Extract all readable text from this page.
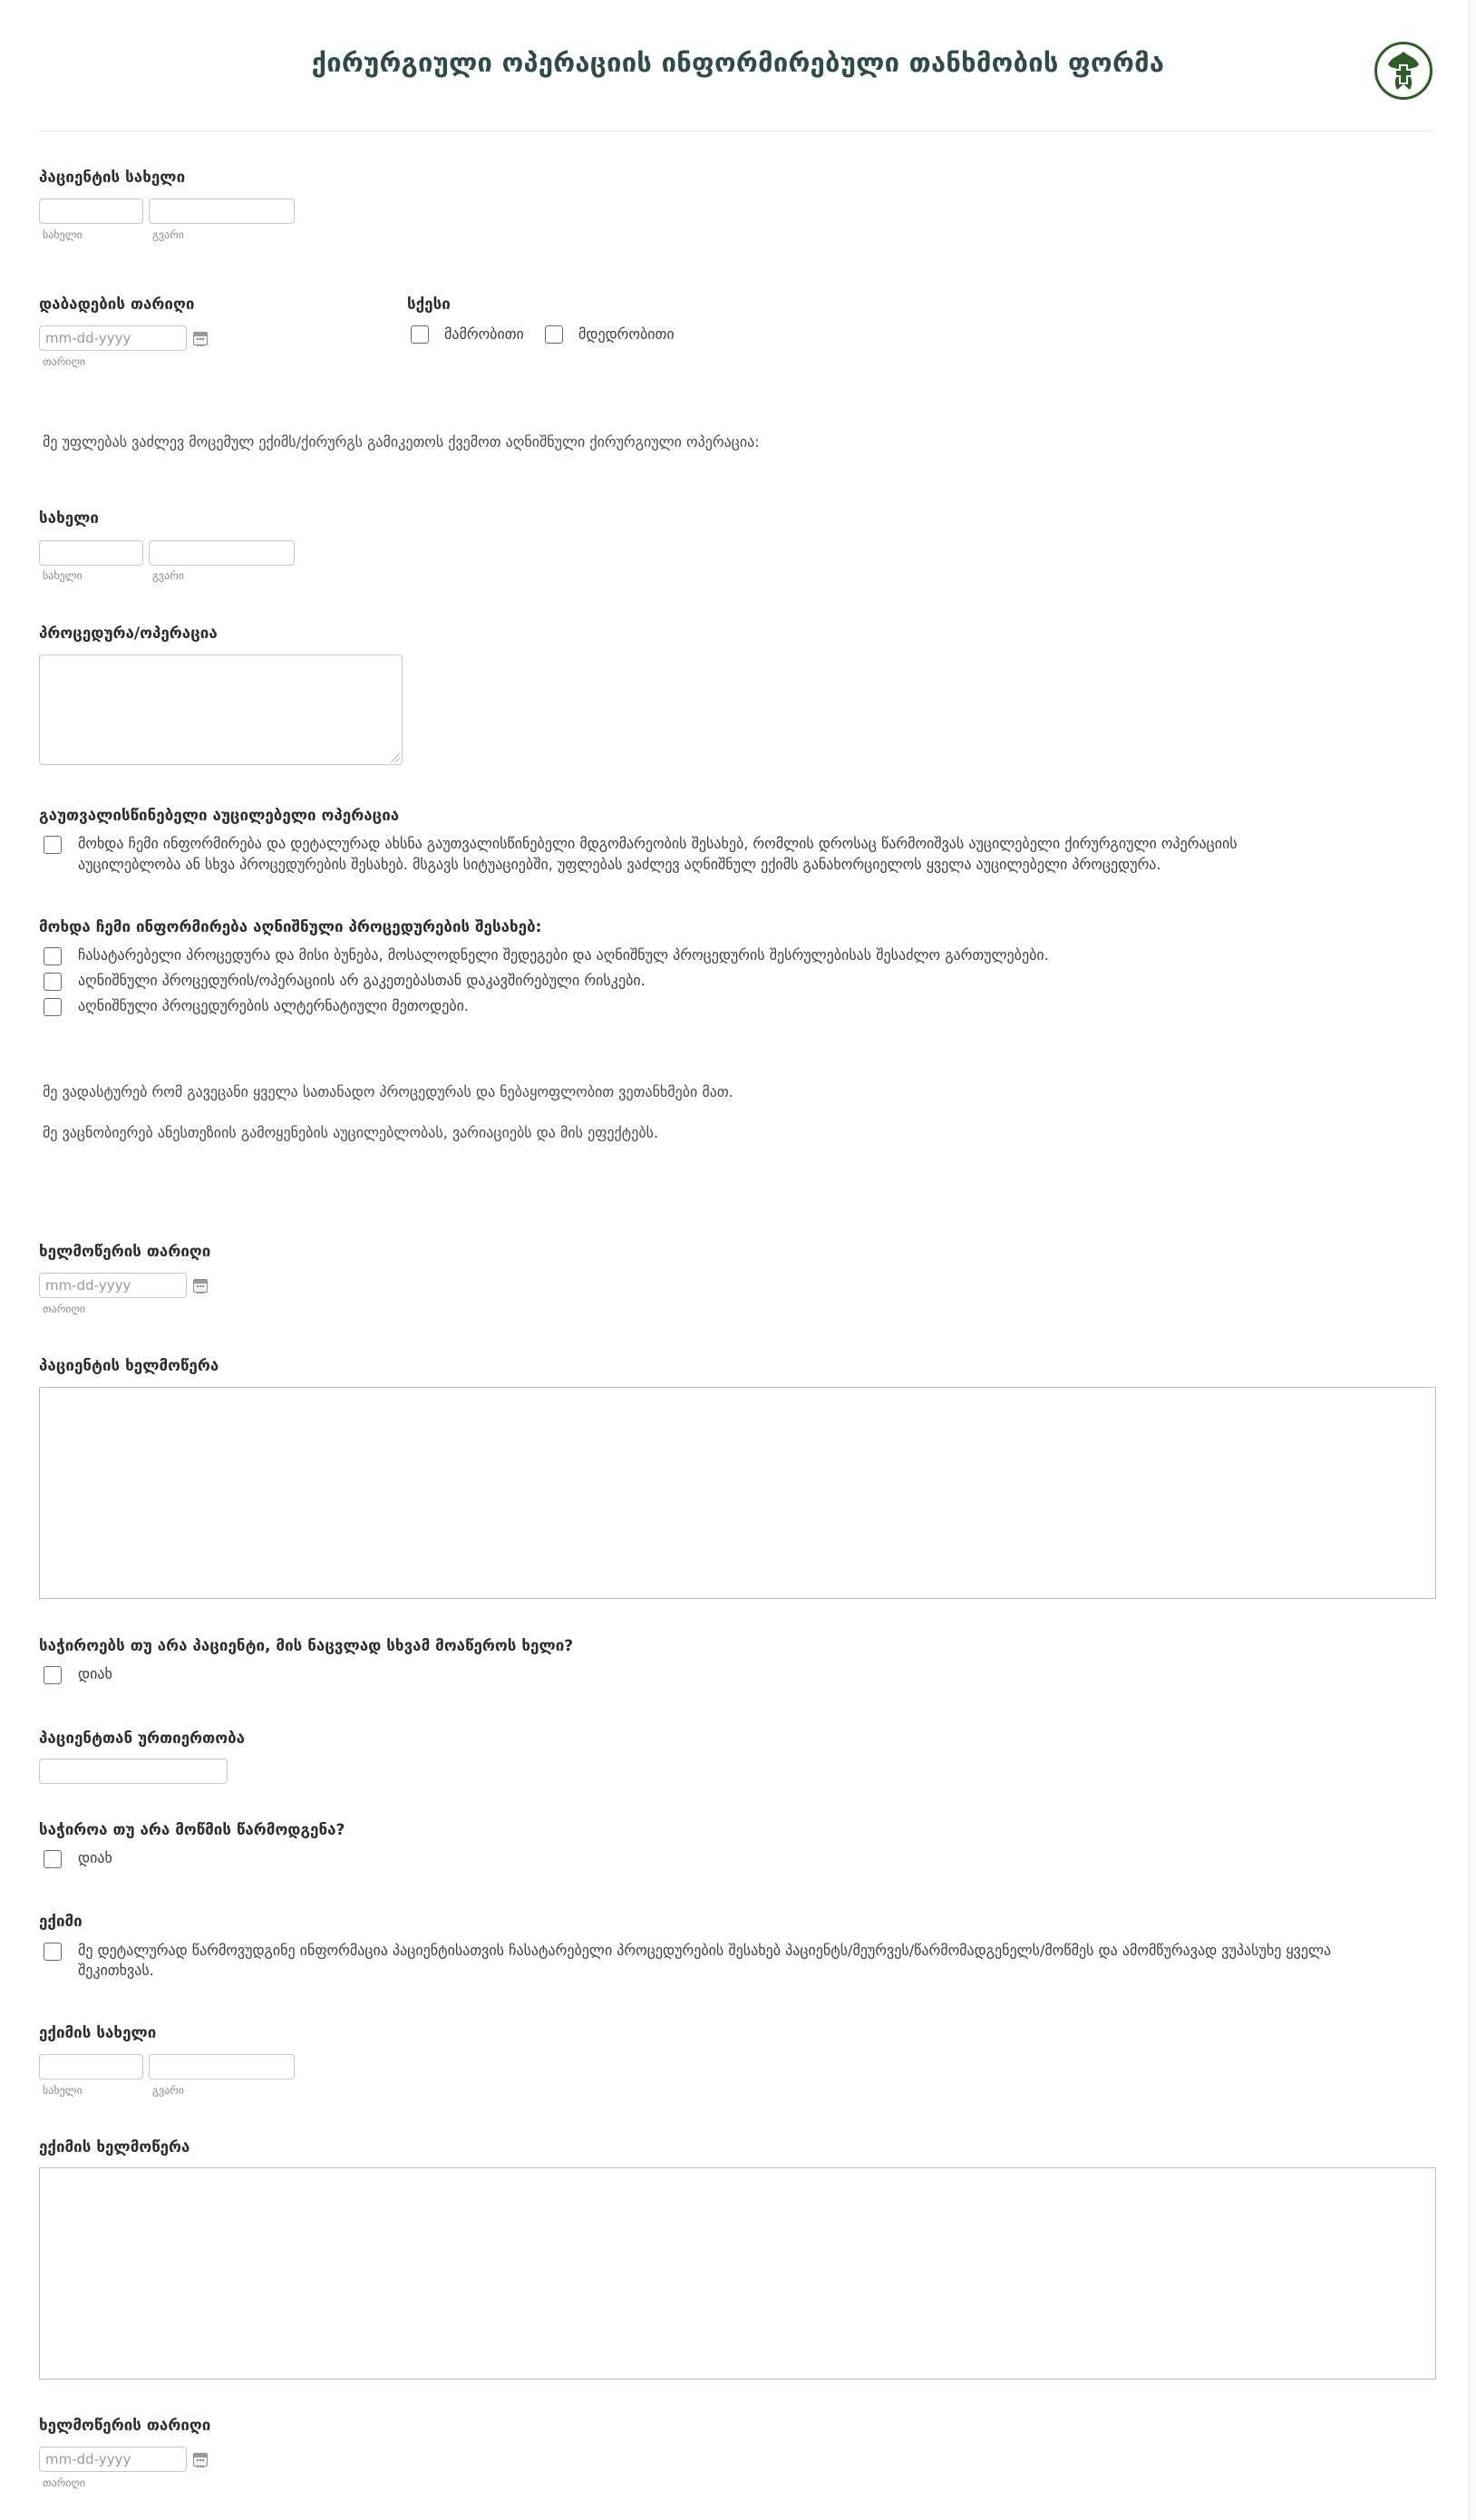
ქირურგიული ოპერაციის ინფორმირებული თანხმობის ფორმა
პაციენტის სახელი
სახელი	გვარი
დაბადების თარიღი
mm-dd-yyyy
თარიღი
სქესი
მამრობითი	მდედრობითი
მე უფლებას ვაძლევ მოცემულ ექიმს/ქირურგს გამიკეთოს ქვემოთ აღნიშნული ქირურგიული ოპერაცია:
სახელი
სახელი	გვარი
პროცედურა/ოპერაცია
გაუთვალისწინებელი აუცილებელი ოპერაცია
მოხდა ჩემი ინფორმირება და დეტალურად ახსნა გაუთვალისწინებელი მდგომარეობის შესახებ, რომლის დროსაც წარმოიშვას აუცილებელი ქირურგიული ოპერაციის
აუცილებლობა ან სხვა პროცედურების შესახებ. მსგავს სიტუაციებში, უფლებას ვაძლევ აღნიშნულ ექიმს განახორციელოს ყველა აუცილებელი პროცედურა.
მოხდა ჩემი ინფორმირება აღნიშნული პროცედურების შესახებ:
ჩასატარებელი პროცედურა და მისი ბუნება, მოსალოდნელი შედეგები და აღნიშნულ პროცედურის შესრულებისას შესაძლო გართულებები.
აღნიშნული პროცედურის/ოპერაციის არ გაკეთებასთან დაკავშირებული რისკები.
აღნიშნული პროცედურების ალტერნატიული მეთოდები.
მე ვადასტურებ რომ გავეცანი ყველა სათანადო პროცედურას და ნებაყოფლობით ვეთანხმები მათ.
მე ვაცნობიერებ ანესთეზიის გამოყენების აუცილებლობას, ვარიაციებს და მის ეფექტებს.
ხელმოწერის თარიღი
mm-dd-yyyy
თარიღი
პაციენტის ხელმოწერა
საჭიროებს თუ არა პაციენტი, მის ნაცვლად სხვამ მოაწეროს ხელი?
დიახ
პაციენტთან ურთიერთობა
საჭიროა თუ არა მოწმის წარმოდგენა?
დიახ
ექიმი
მე დეტალურად წარმოვუდგინე ინფორმაცია პაციენტისათვის ჩასატარებელი პროცედურების შესახებ პაციენტს/მეურვეს/წარმომადგენელს/მოწმეს და ამომწურავად ვუპასუხე ყველა
შეკითხვას.
ექიმის სახელი
სახელი	გვარი
ექიმის ხელმოწერა
ხელმოწერის თარიღი
mm-dd-yyyy
თარიღი
